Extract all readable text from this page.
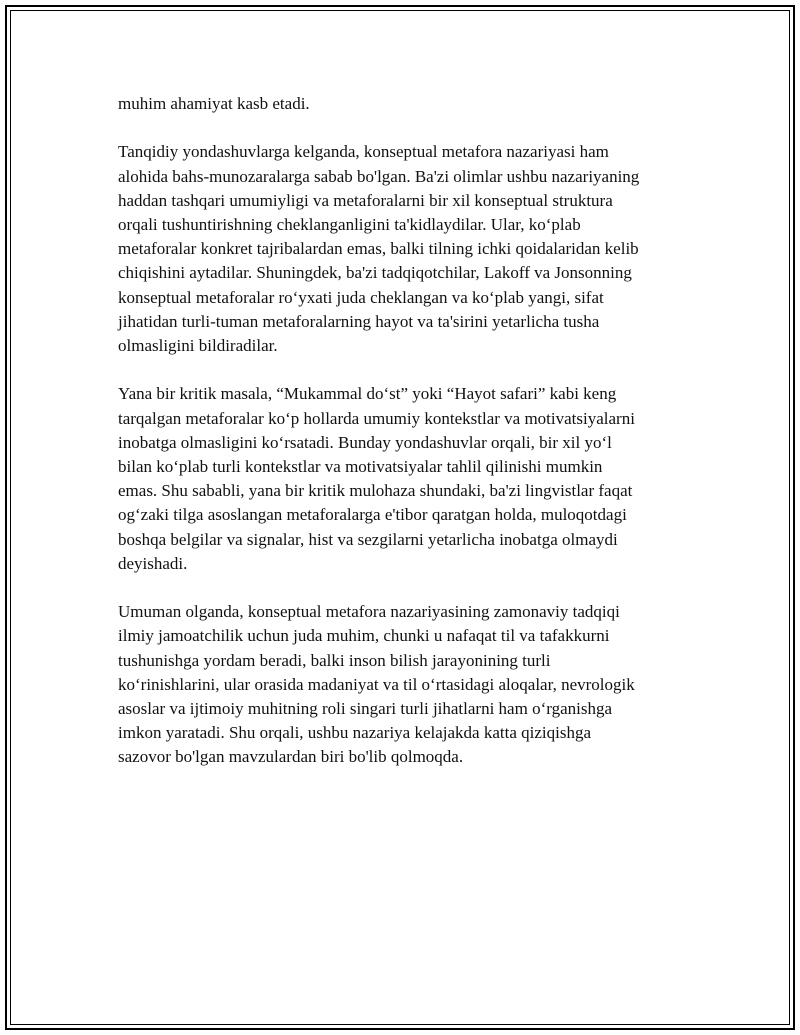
muhim ahamiyat kasb etadi.

Tanqidiy yondashuvlarga kelganda, konseptual metafora nazariyasi ham
alohida bahs-munozaralarga sabab bo'lgan. Ba'zi olimlar ushbu nazariyaning
haddan tashqari umumiyligi va metaforalarni bir xil konseptual struktura
orqali tushuntirishning cheklanganligini ta'kidlaydilar. Ular, ko‘plab
metaforalar konkret tajribalardan emas, balki tilning ichki qoidalaridan kelib
chiqishini aytadilar. Shuningdek, ba'zi tadqiqotchilar, Lakoff va Jonsonning
konseptual metaforalar ro‘yxati juda cheklangan va ko‘plab yangi, sifat
jihatidan turli-tuman metaforalarning hayot va ta'sirini yetarlicha tusha
olmasligini bildiradilar.

Yana bir kritik masala, “Mukammal do‘st” yoki “Hayot safari” kabi keng
tarqalgan metaforalar ko‘p hollarda umumiy kontekstlar va motivatsiyalarni
inobatga olmasligini ko‘rsatadi. Bunday yondashuvlar orqali, bir xil yo‘l
bilan ko‘plab turli kontekstlar va motivatsiyalar tahlil qilinishi mumkin
emas. Shu sababli, yana bir kritik mulohaza shundaki, ba'zi lingvistlar faqat
og‘zaki tilga asoslangan metaforalarga e'tibor qaratgan holda, muloqotdagi
boshqa belgilar va signalar, hist va sezgilarni yetarlicha inobatga olmaydi
deyishadi.

Umuman olganda, konseptual metafora nazariyasining zamonaviy tadqiqi
ilmiy jamoatchilik uchun juda muhim, chunki u nafaqat til va tafakkurni
tushunishga yordam beradi, balki inson bilish jarayonining turli
ko‘rinishlarini, ular orasida madaniyat va til o‘rtasidagi aloqalar, nevrologik
asoslar va ijtimoiy muhitning roli singari turli jihatlarni ham o‘rganishga
imkon yaratadi. Shu orqali, ushbu nazariya kelajakda katta qiziqishga
sazovor bo'lgan mavzulardan biri bo'lib qolmoqda.
